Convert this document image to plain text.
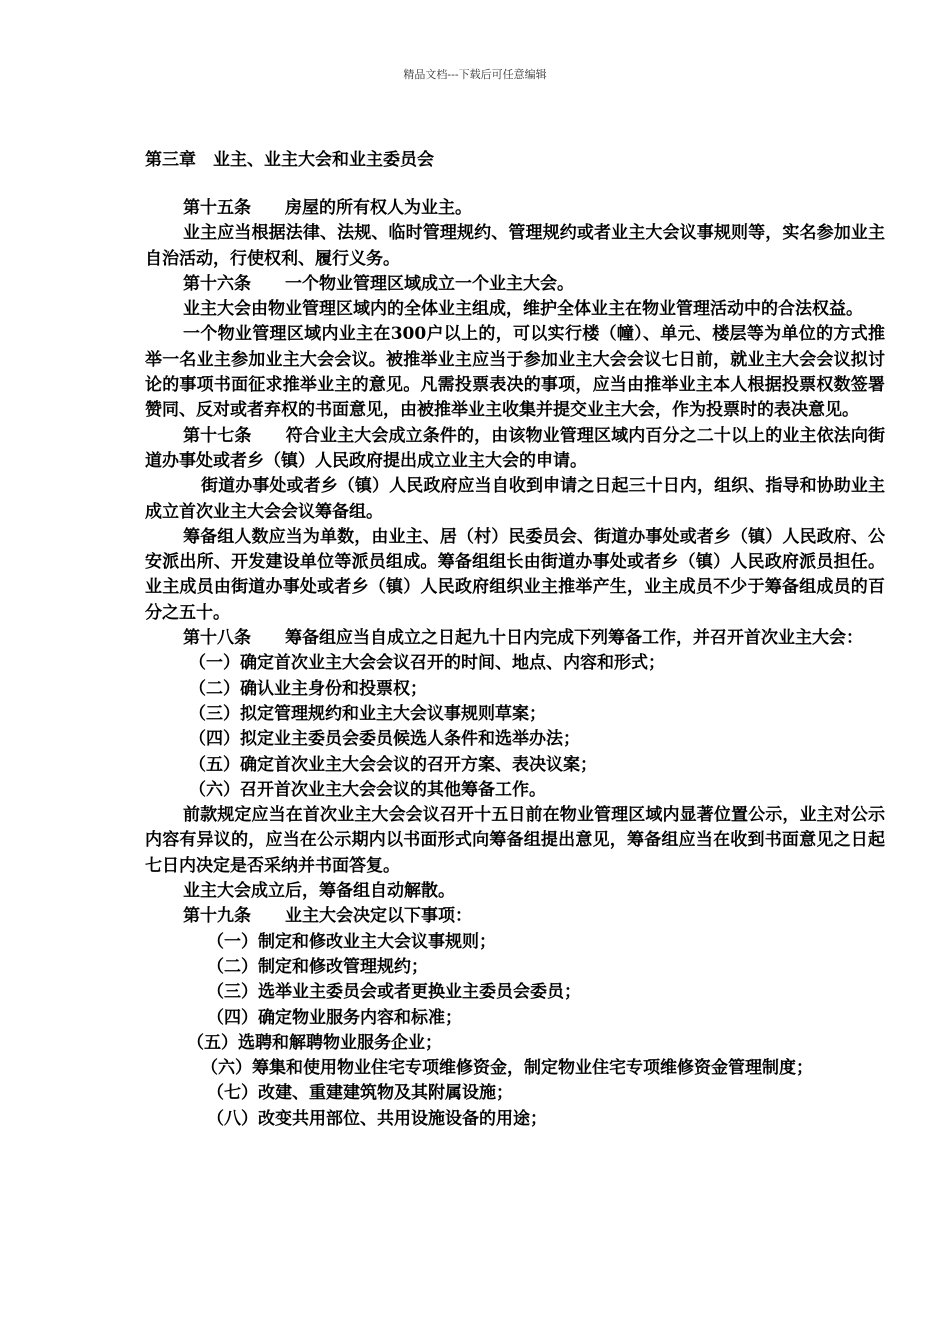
精品文档---下载后可任意编辑
第三章　业主、业主大会和业主委员会

第十五条　　房屋的所有权人为业主。

业主应当根据法律、法规、临时管理规约、管理规约或者业主大会议事规则等，实名参加业主自治活动，行使权利、履行义务。

第十六条　　一个物业管理区域成立一个业主大会。

业主大会由物业管理区域内的全体业主组成，维护全体业主在物业管理活动中的合法权益。

一个物业管理区域内业主在300户以上的，可以实行楼（幢）、单元、楼层等为单位的方式推举一名业主参加业主大会会议。被推举业主应当于参加业主大会会议七日前，就业主大会会议拟讨论的事项书面征求推举业主的意见。凡需投票表决的事项，应当由推举业主本人根据投票权数签署赞同、反对或者弃权的书面意见，由被推举业主收集并提交业主大会，作为投票时的表决意见。

第十七条　　符合业主大会成立条件的，由该物业管理区域内百分之二十以上的业主依法向街道办事处或者乡（镇）人民政府提出成立业主大会的申请。

街道办事处或者乡（镇）人民政府应当自收到申请之日起三十日内，组织、指导和协助业主成立首次业主大会会议筹备组。

筹备组人数应当为单数，由业主、居（村）民委员会、街道办事处或者乡（镇）人民政府、公安派出所、开发建设单位等派员组成。筹备组组长由街道办事处或者乡（镇）人民政府派员担任。业主成员由街道办事处或者乡（镇）人民政府组织业主推举产生，业主成员不少于筹备组成员的百分之五十。

第十八条　　筹备组应当自成立之日起九十日内完成下列筹备工作，并召开首次业主大会：

（一）确定首次业主大会会议召开的时间、地点、内容和形式；

（二）确认业主身份和投票权；

（三）拟定管理规约和业主大会议事规则草案；

（四）拟定业主委员会委员候选人条件和选举办法；

（五）确定首次业主大会会议的召开方案、表决议案；

（六）召开首次业主大会会议的其他筹备工作。

前款规定应当在首次业主大会会议召开十五日前在物业管理区域内显著位置公示，业主对公示内容有异议的，应当在公示期内以书面形式向筹备组提出意见，筹备组应当在收到书面意见之日起七日内决定是否采纳并书面答复。

业主大会成立后，筹备组自动解散。

第十九条　　业主大会决定以下事项：

（一）制定和修改业主大会议事规则；

（二）制定和修改管理规约；

（三）选举业主委员会或者更换业主委员会委员；

（四）确定物业服务内容和标准；

（五）选聘和解聘物业服务企业；

（六）筹集和使用物业住宅专项维修资金，制定物业住宅专项维修资金管理制度；

（七）改建、重建建筑物及其附属设施；

（八）改变共用部位、共用设施设备的用途；
